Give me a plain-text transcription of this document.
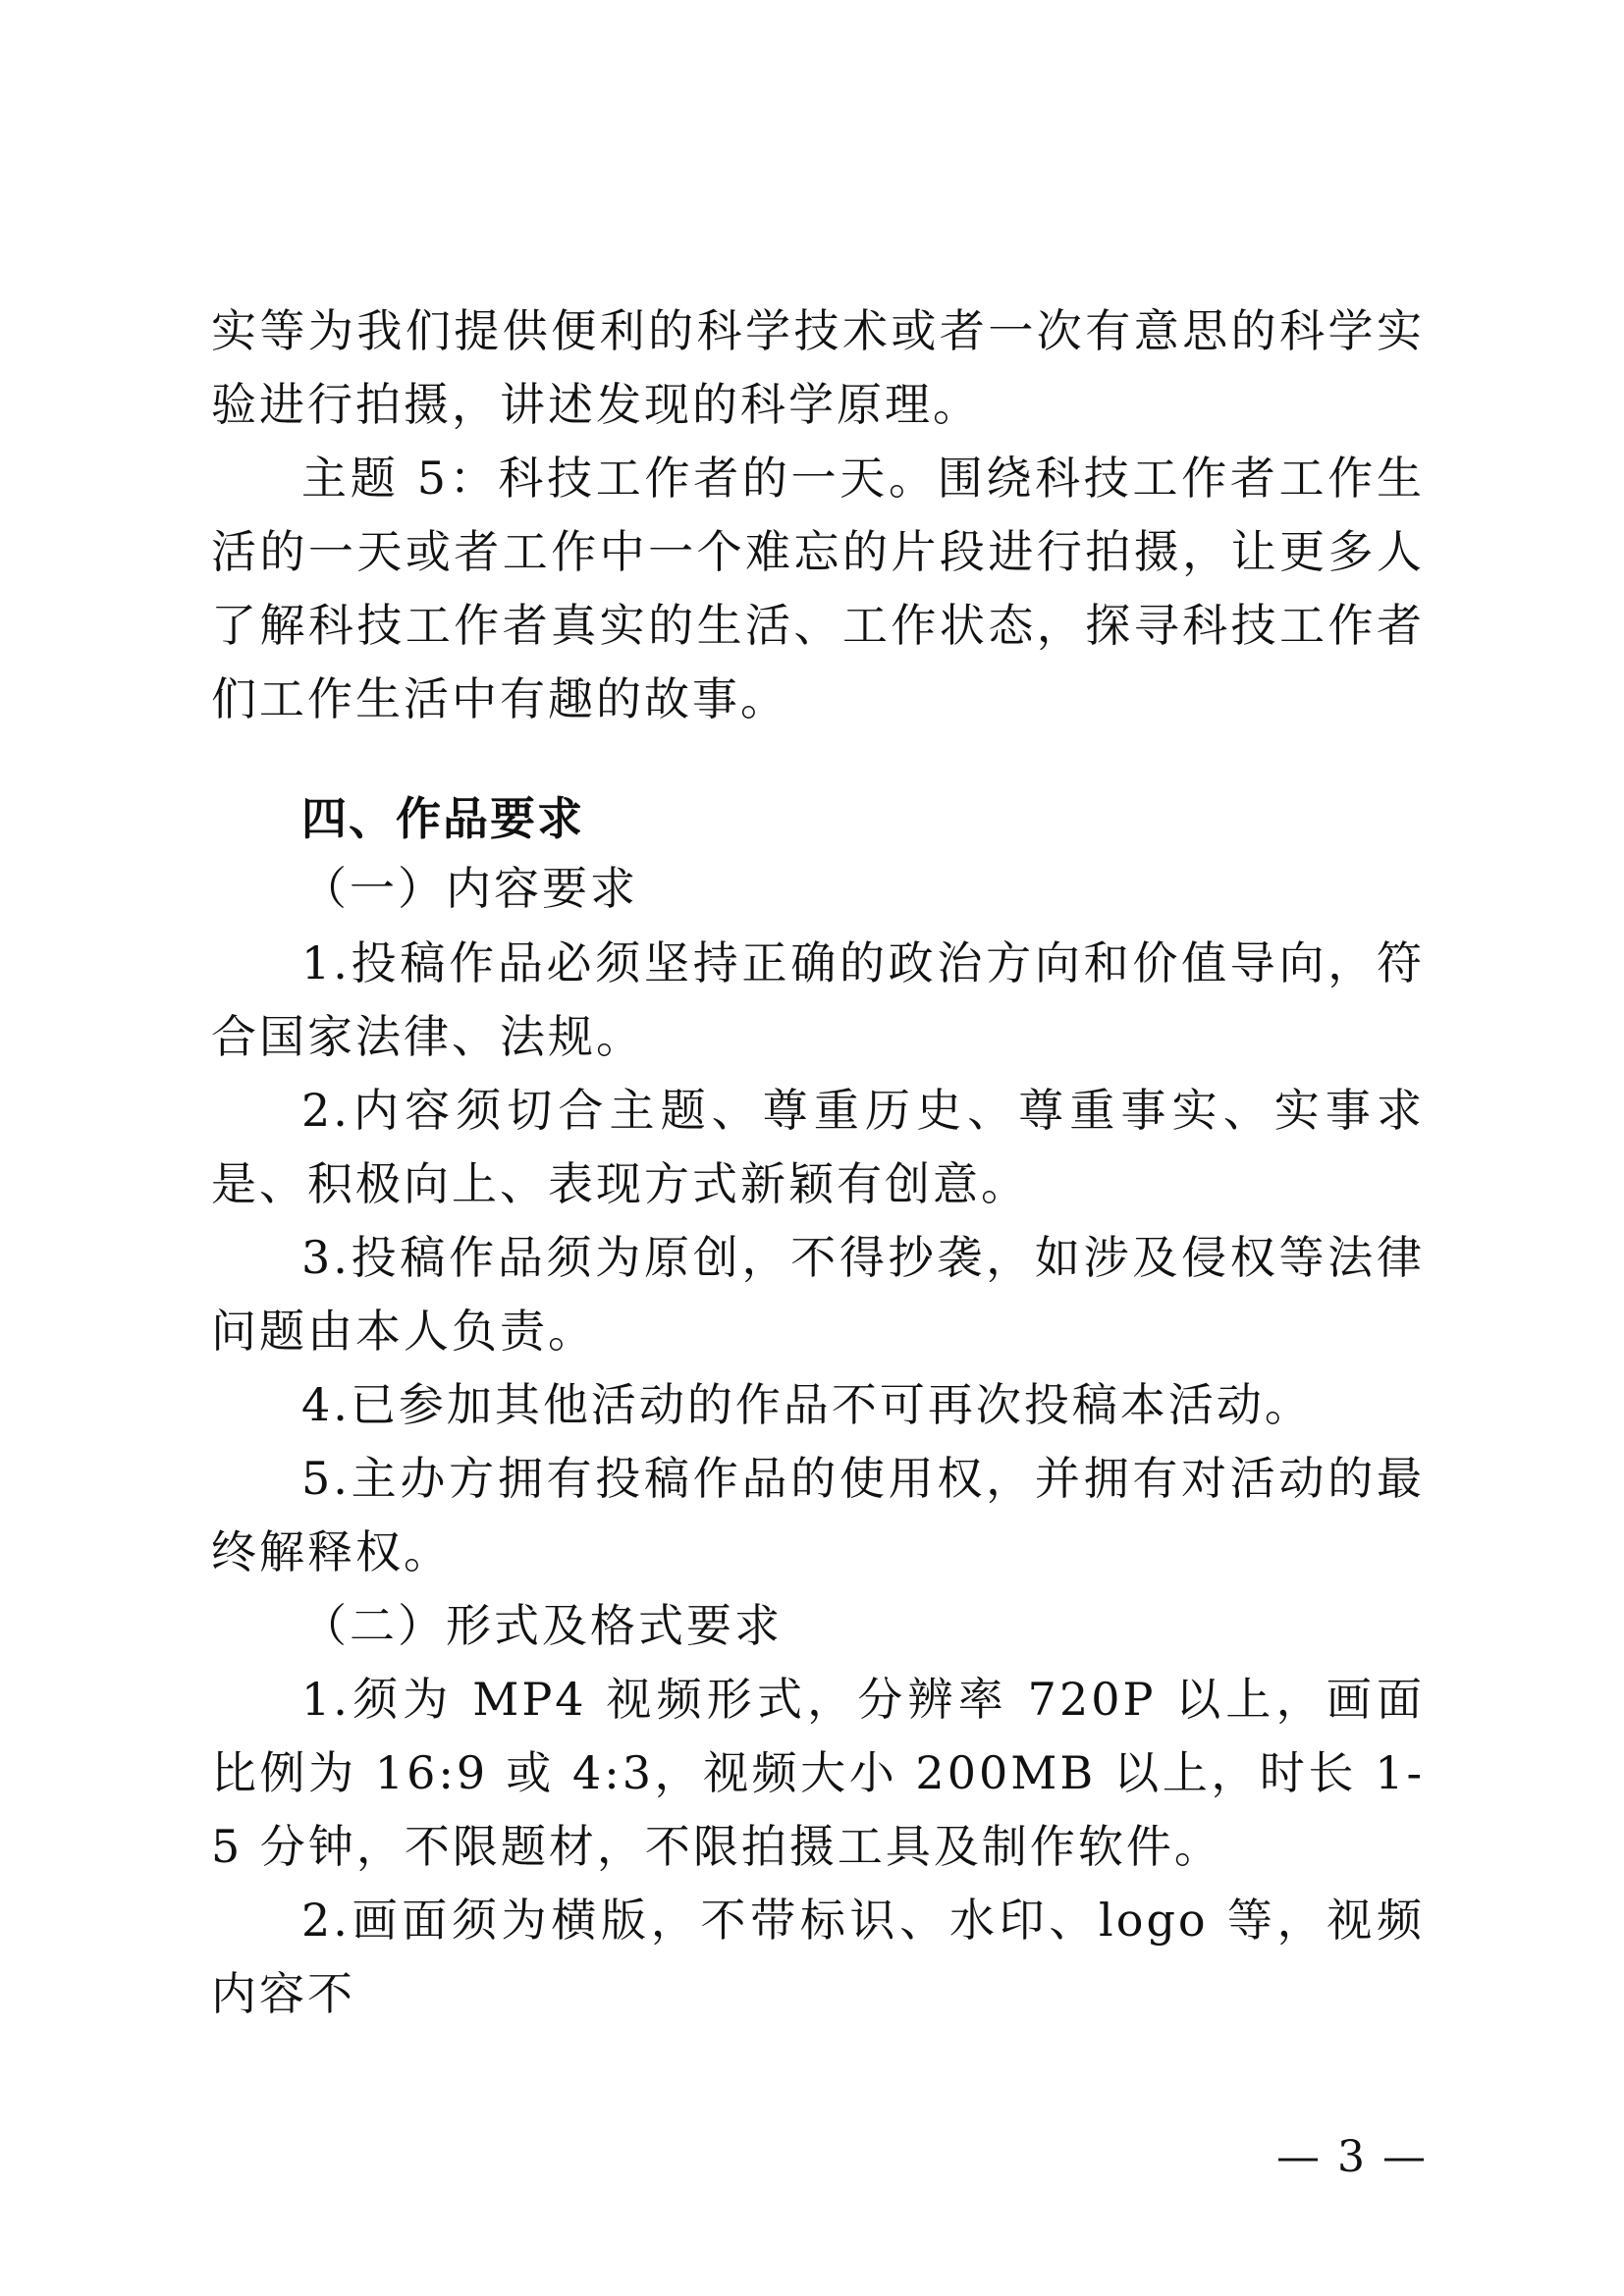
实等为我们提供便利的科学技术或者一次有意思的科学实验进行拍摄，讲述发现的科学原理。

主题 5：科技工作者的一天。围绕科技工作者工作生活的一天或者工作中一个难忘的片段进行拍摄，让更多人了解科技工作者真实的生活、工作状态，探寻科技工作者们工作生活中有趣的故事。

四、作品要求

（一）内容要求

1.投稿作品必须坚持正确的政治方向和价值导向，符合国家法律、法规。

2.内容须切合主题、尊重历史、尊重事实、实事求是、积极向上、表现方式新颖有创意。

3.投稿作品须为原创，不得抄袭，如涉及侵权等法律问题由本人负责。

4.已参加其他活动的作品不可再次投稿本活动。

5.主办方拥有投稿作品的使用权，并拥有对活动的最终解释权。

（二）形式及格式要求

1.须为 MP4 视频形式，分辨率 720P 以上，画面比例为 16:9 或 4:3，视频大小 200MB 以上，时长 1-5 分钟，不限题材，不限拍摄工具及制作软件。

2.画面须为横版，不带标识、水印、logo 等，视频内容不

— 3 —
